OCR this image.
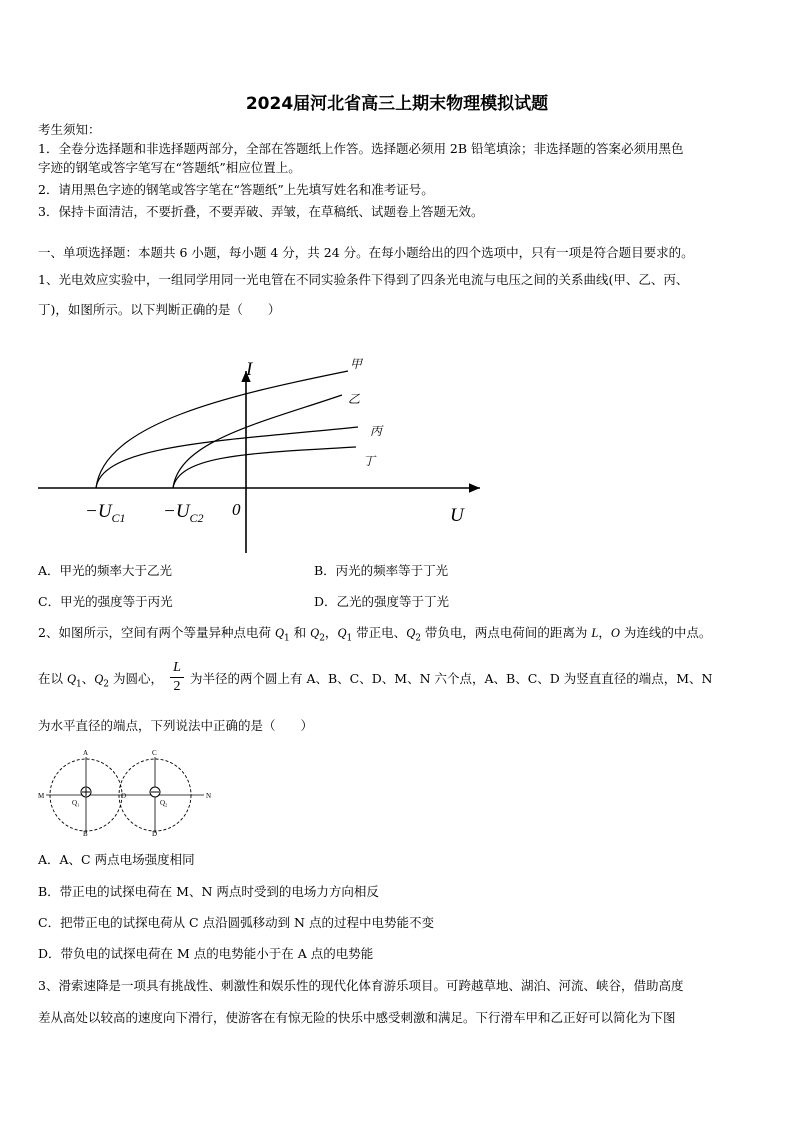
2024届河北省高三上期末物理模拟试题
考生须知：
1．全卷分选择题和非选择题两部分，全部在答题纸上作答。选择题必须用 2B 铅笔填涂；非选择题的答案必须用黑色
字迹的钢笔或答字笔写在“答题纸”相应位置上。
2．请用黑色字迹的钢笔或答字笔在“答题纸”上先填写姓名和准考证号。
3．保持卡面清洁，不要折叠，不要弄破、弄皱，在草稿纸、试题卷上答题无效。
一、单项选择题：本题共 6 小题，每小题 4 分，共 24 分。在每小题给出的四个选项中，只有一项是符合题目要求的。
1、光电效应实验中，一组同学用同一光电管在不同实验条件下得到了四条光电流与电压之间的关系曲线(甲、乙、丙、
丁)，如图所示。以下判断正确的是（　　）
I
U
0
$-U_{C1} -U_{C2}$
甲
乙
丙
丁
A．甲光的频率大于乙光	B．丙光的频率等于丁光
C．甲光的强度等于丙光	D．乙光的强度等于丁光
2、如图所示，空间有两个等量异种点电荷 $Q_1$ 和 $Q_2$，$Q_1$ 带正电、$Q_2$ 带负电，两点电荷间的距离为 L，O 为连线的中点。
在以 $Q_1$、$Q_2$ 为圆心，
L
2
为半径的两个圆上有 A、B、C、D、M、N 六个点，A、B、C、D 为竖直直径的端点，M、N
为水平直径的端点，下列说法中正确的是（　　）
A
B
C
D
M	N
O
Q₁	Q₂
A．A、C 两点电场强度相同
B．带正电的试探电荷在 M、N 两点时受到的电场力方向相反
C．把带正电的试探电荷从 C 点沿圆弧移动到 N 点的过程中电势能不变
D．带负电的试探电荷在 M 点的电势能小于在 A 点的电势能
3、滑索速降是一项具有挑战性、刺激性和娱乐性的现代化体育游乐项目。可跨越草地、湖泊、河流、峡谷，借助高度
差从高处以较高的速度向下滑行，使游客在有惊无险的快乐中感受刺激和满足。下行滑车甲和乙正好可以简化为下图
